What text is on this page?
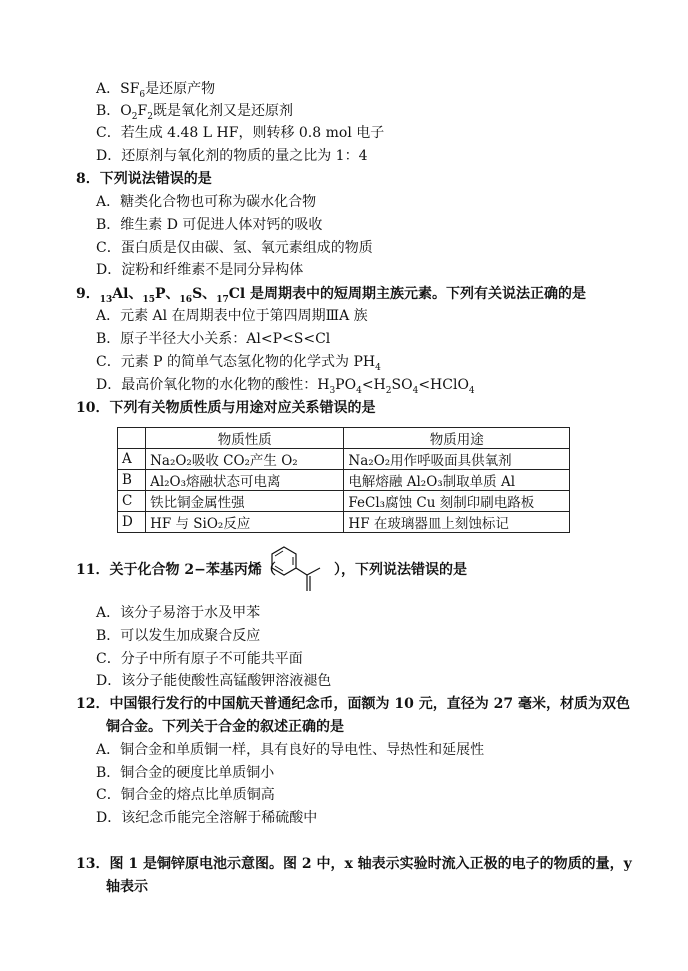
A．$SF_6$是还原产物
B．$O_2F_2$既是氧化剂又是还原剂
C．若生成 4.48 L HF，则转移 0.8 mol 电子
D．还原剂与氧化剂的物质的量之比为 1：4
8．下列说法错误的是
A．糖类化合物也可称为碳水化合物
B．维生素 D 可促进人体对钙的吸收
C．蛋白质是仅由碳、氢、氧元素组成的物质
D．淀粉和纤维素不是同分异构体
9．$_{13}$Al、$_{15}$P、$_{16}$S、$_{17}$Cl 是周期表中的短周期主族元素。下列有关说法正确的是
A．元素 Al 在周期表中位于第四周期ⅢA 族
B．原子半径大小关系：Al<P<S<Cl
C．元素 P 的简单气态氢化物的化学式为 $PH_4$
D．最高价氧化物的水化物的酸性：$H_3PO_4<H_2SO_4<HClO_4$
10．下列有关物质性质与用途对应关系错误的是
	物质性质	物质用途
A	Na₂O₂吸收 CO₂产生 O₂	Na₂O₂用作呼吸面具供氧剂
B	Al₂O₃熔融状态可电离	电解熔融 Al₂O₃制取单质 Al
C	铁比铜金属性强	FeCl₃腐蚀 Cu 刻制印刷电路板
D	HF 与 SiO₂反应	HF 在玻璃器皿上刻蚀标记
11．关于化合物 2−苯基丙烯（	），下列说法错误的是
A．该分子易溶于水及甲苯
B．可以发生加成聚合反应
C．分子中所有原子不可能共平面
D．该分子能使酸性高锰酸钾溶液褪色
12．中国银行发行的中国航天普通纪念币，面额为 10 元，直径为 27 毫米，材质为双色
铜合金。下列关于合金的叙述正确的是
A．铜合金和单质铜一样，具有良好的导电性、导热性和延展性
B．铜合金的硬度比单质铜小
C．铜合金的熔点比单质铜高
D．该纪念币能完全溶解于稀硫酸中
13．图 1 是铜锌原电池示意图。图 2 中，x 轴表示实验时流入正极的电子的物质的量，y
轴表示
